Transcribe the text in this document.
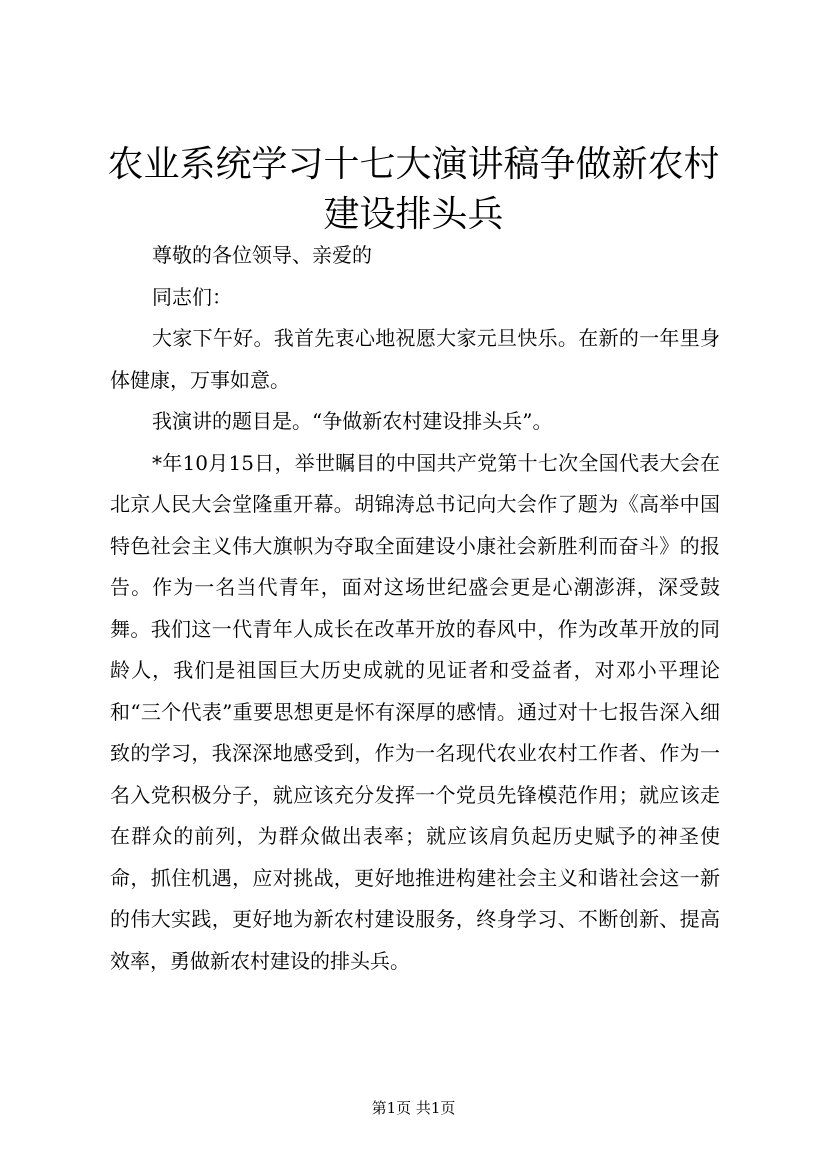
农业系统学习十七大演讲稿争做新农村建设排头兵

尊敬的各位领导、亲爱的

同志们：

大家下午好。我首先衷心地祝愿大家元旦快乐。在新的一年里身体健康，万事如意。

我演讲的题目是。“争做新农村建设排头兵”。

*年10月15日，举世瞩目的中国共产党第十七次全国代表大会在北京人民大会堂隆重开幕。胡锦涛总书记向大会作了题为《高举中国特色社会主义伟大旗帜为夺取全面建设小康社会新胜利而奋斗》的报告。作为一名当代青年，面对这场世纪盛会更是心潮澎湃，深受鼓舞。我们这一代青年人成长在改革开放的春风中，作为改革开放的同龄人，我们是祖国巨大历史成就的见证者和受益者，对邓小平理论和“三个代表”重要思想更是怀有深厚的感情。通过对十七报告深入细致的学习，我深深地感受到，作为一名现代农业农村工作者、作为一名入党积极分子，就应该充分发挥一个党员先锋模范作用；就应该走在群众的前列，为群众做出表率；就应该肩负起历史赋予的神圣使命，抓住机遇，应对挑战，更好地推进构建社会主义和谐社会这一新的伟大实践，更好地为新农村建设服务，终身学习、不断创新、提高效率，勇做新农村建设的排头兵。

第1页 共1页
